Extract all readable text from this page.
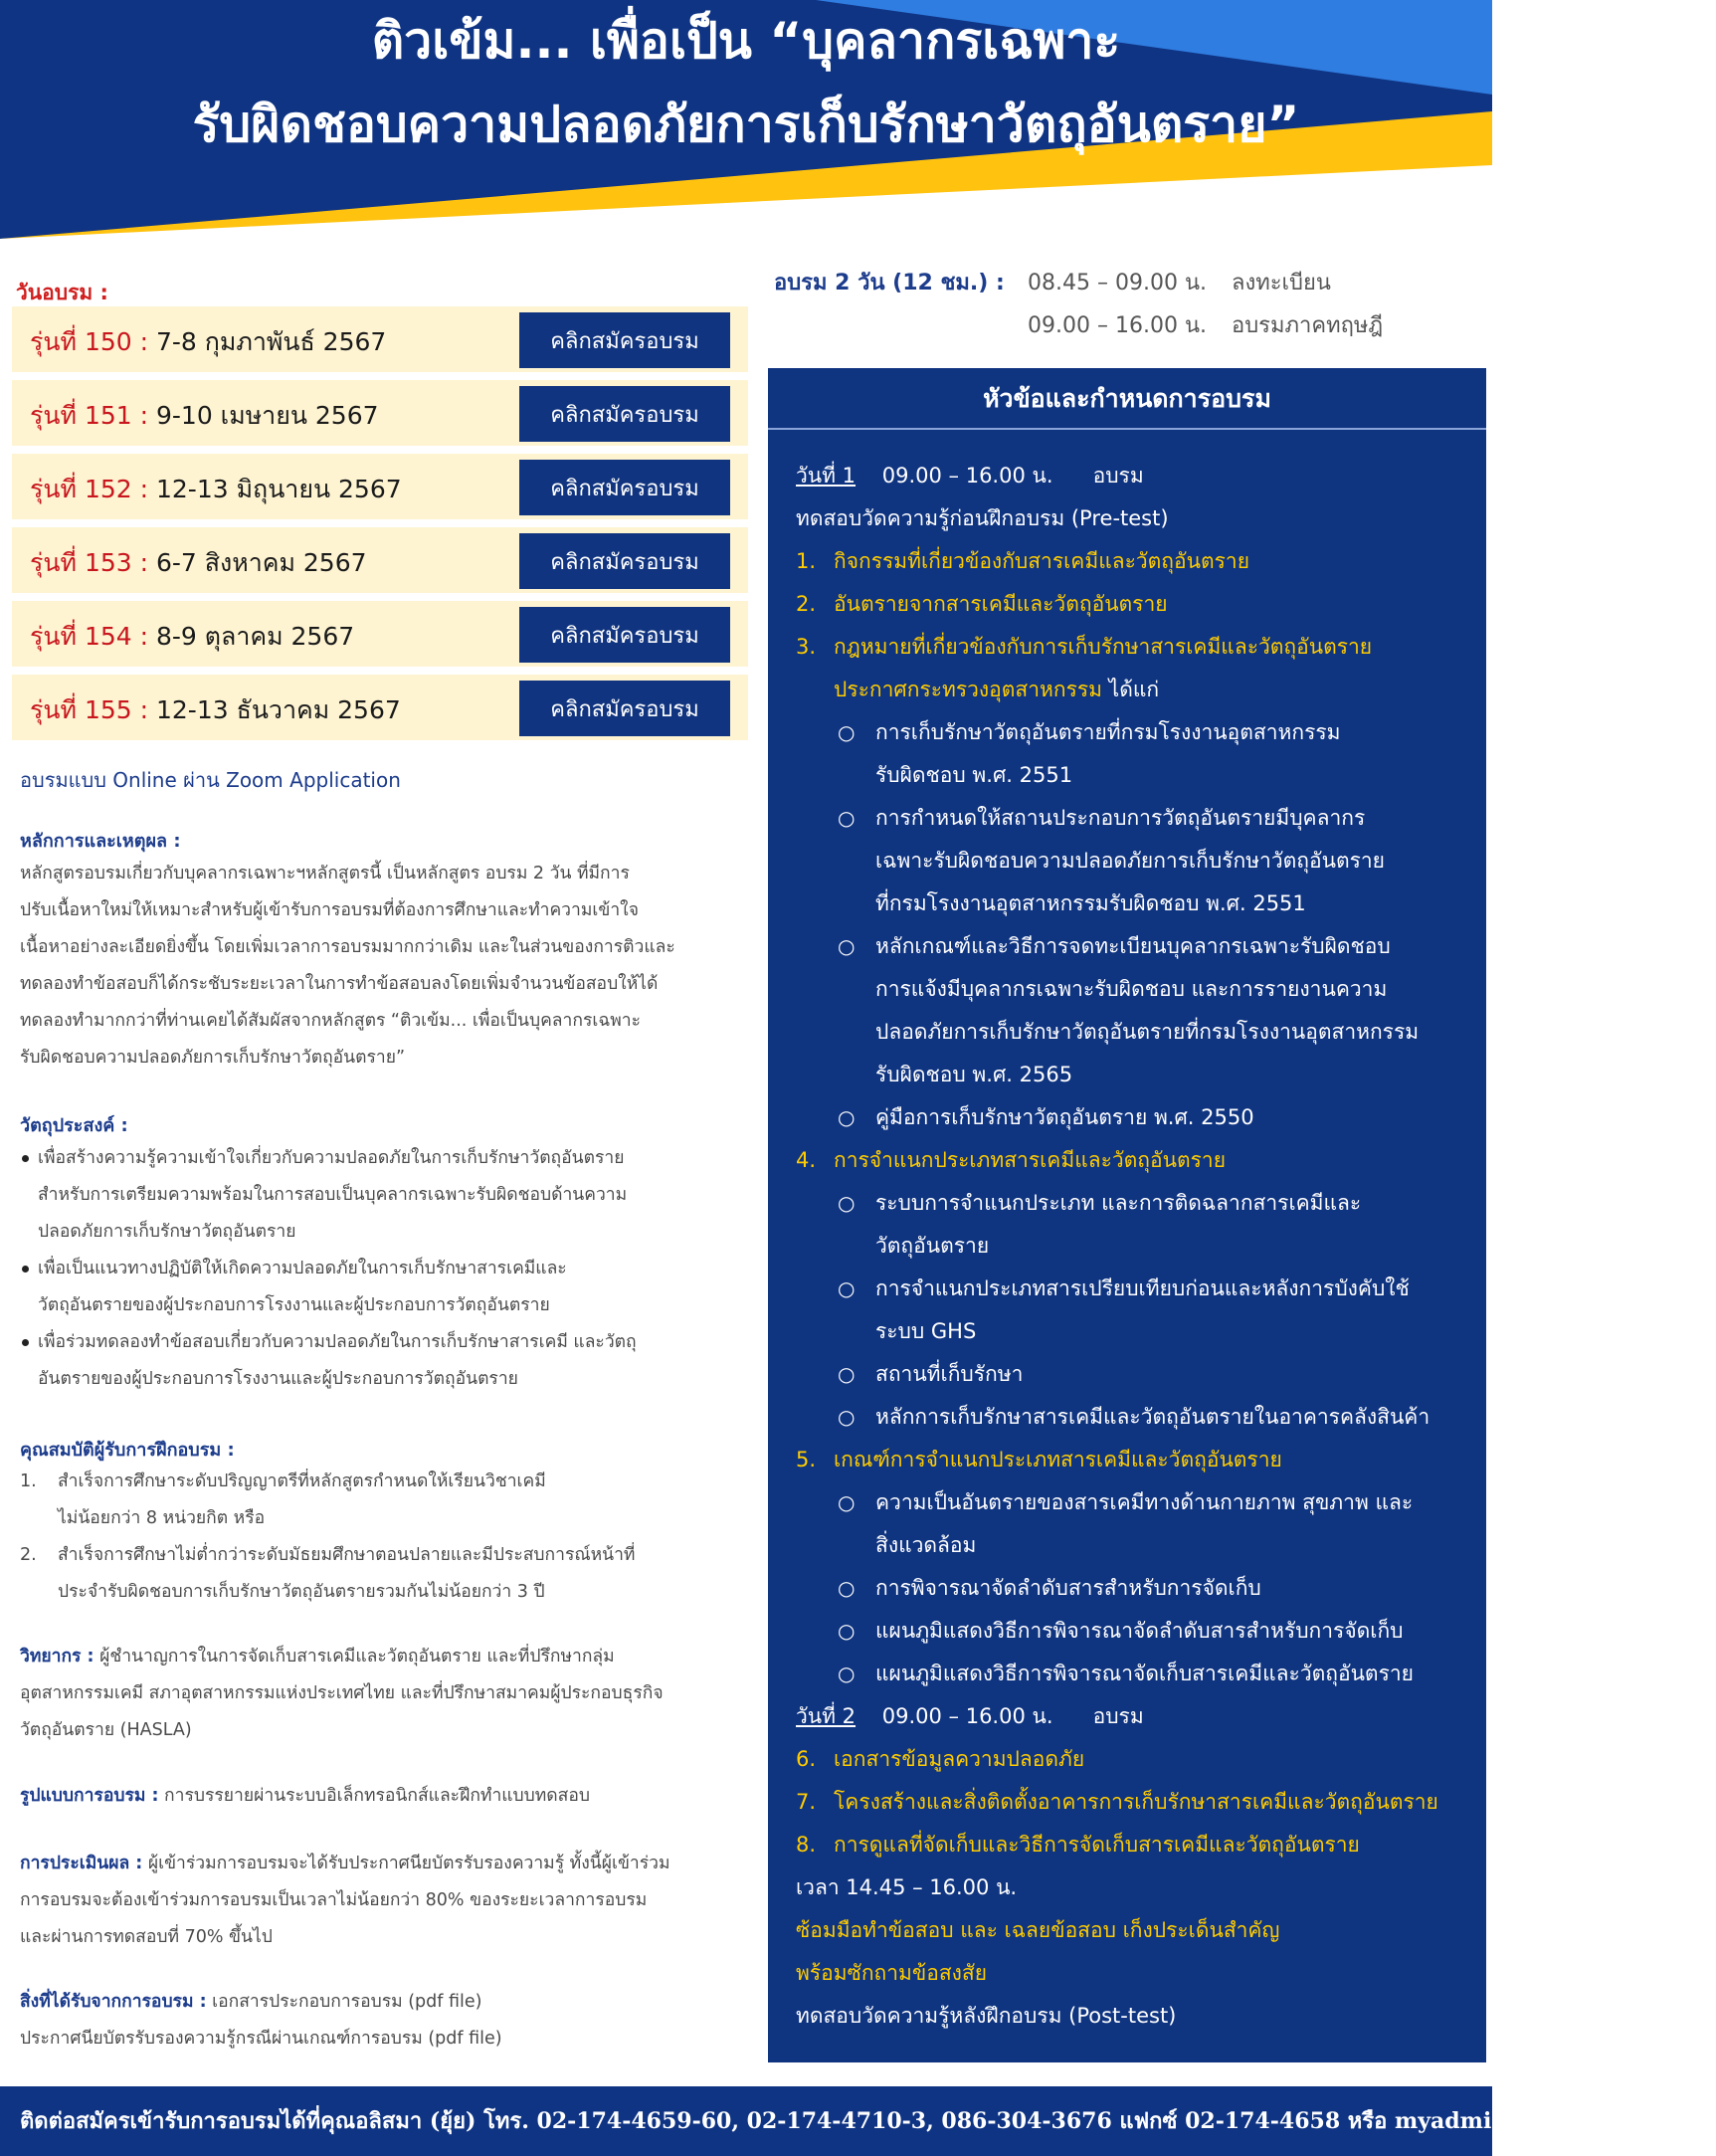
ติวเข้ม... เพื่อเป็น “บุคลากรเฉพาะ
รับผิดชอบความปลอดภัยการเก็บรักษาวัตถุอันตราย”
วันอบรม :
รุ่นที่ 150 : 7-8 กุมภาพันธ์ 2567	คลิกสมัครอบรม
รุ่นที่ 151 : 9-10 เมษายน 2567	คลิกสมัครอบรม
รุ่นที่ 152 : 12-13 มิถุนายน 2567	คลิกสมัครอบรม
รุ่นที่ 153 : 6-7 สิงหาคม 2567	คลิกสมัครอบรม
รุ่นที่ 154 : 8-9 ตุลาคม 2567	คลิกสมัครอบรม
รุ่นที่ 155 : 12-13 ธันวาคม 2567	คลิกสมัครอบรม
อบรมแบบ Online ผ่าน Zoom Application
หลักการและเหตุผล :
หลักสูตรอบรมเกี่ยวกับบุคลากรเฉพาะฯหลักสูตรนี้ เป็นหลักสูตร อบรม 2 วัน ที่มีการ
ปรับเนื้อหาใหม่ให้เหมาะสำหรับผู้เข้ารับการอบรมที่ต้องการศึกษาและทำความเข้าใจ
เนื้อหาอย่างละเอียดยิ่งขึ้น โดยเพิ่มเวลาการอบรมมากกว่าเดิม และในส่วนของการติวและ
ทดลองทำข้อสอบก็ได้กระชับระยะเวลาในการทำข้อสอบลงโดยเพิ่มจำนวนข้อสอบให้ได้
ทดลองทำมากกว่าที่ท่านเคยได้สัมผัสจากหลักสูตร “ติวเข้ม... เพื่อเป็นบุคลากรเฉพาะ
รับผิดชอบความปลอดภัยการเก็บรักษาวัตถุอันตราย”
วัตถุประสงค์ :
เพื่อสร้างความรู้ความเข้าใจเกี่ยวกับความปลอดภัยในการเก็บรักษาวัตถุอันตราย
สำหรับการเตรียมความพร้อมในการสอบเป็นบุคลากรเฉพาะรับผิดชอบด้านความ
ปลอดภัยการเก็บรักษาวัตถุอันตราย
เพื่อเป็นแนวทางปฏิบัติให้เกิดความปลอดภัยในการเก็บรักษาสารเคมีและ
วัตถุอันตรายของผู้ประกอบการโรงงานและผู้ประกอบการวัตถุอันตราย
เพื่อร่วมทดลองทำข้อสอบเกี่ยวกับความปลอดภัยในการเก็บรักษาสารเคมี และวัตถุ
อันตรายของผู้ประกอบการโรงงานและผู้ประกอบการวัตถุอันตราย
คุณสมบัติผู้รับการฝึกอบรม :
1. สำเร็จการศึกษาระดับปริญญาตรีที่หลักสูตรกำหนดให้เรียนวิชาเคมี
ไม่น้อยกว่า 8 หน่วยกิต หรือ
2. สำเร็จการศึกษาไม่ต่ำกว่าระดับมัธยมศึกษาตอนปลายและมีประสบการณ์หน้าที่
ประจำรับผิดชอบการเก็บรักษาวัตถุอันตรายรวมกันไม่น้อยกว่า 3 ปี
วิทยากร : ผู้ชำนาญการในการจัดเก็บสารเคมีและวัตถุอันตราย และที่ปรึกษากลุ่ม
อุตสาหกรรมเคมี สภาอุตสาหกรรมแห่งประเทศไทย และที่ปรึกษาสมาคมผู้ประกอบธุรกิจ
วัตถุอันตราย (HASLA)
รูปแบบการอบรม : การบรรยายผ่านระบบอิเล็กทรอนิกส์และฝึกทำแบบทดสอบ
การประเมินผล : ผู้เข้าร่วมการอบรมจะได้รับประกาศนียบัตรรับรองความรู้ ทั้งนี้ผู้เข้าร่วม
การอบรมจะต้องเข้าร่วมการอบรมเป็นเวลาไม่น้อยกว่า 80% ของระยะเวลาการอบรม
และผ่านการทดสอบที่ 70% ขึ้นไป
สิ่งที่ได้รับจากการอบรม : เอกสารประกอบการอบรม (pdf file)
ประกาศนียบัตรรับรองความรู้กรณีผ่านเกณฑ์การอบรม (pdf file)
อบรม 2 วัน (12 ชม.) : 08.45 – 09.00 น. ลงทะเบียน
09.00 – 16.00 น. อบรมภาคทฤษฎี
หัวข้อและกำหนดการอบรม
วันที่ 1 09.00 – 16.00 น. อบรม
ทดสอบวัดความรู้ก่อนฝึกอบรม (Pre-test)
1. กิจกรรมที่เกี่ยวข้องกับสารเคมีและวัตถุอันตราย
2. อันตรายจากสารเคมีและวัตถุอันตราย
3. กฎหมายที่เกี่ยวข้องกับการเก็บรักษาสารเคมีและวัตถุอันตราย
ประกาศกระทรวงอุตสาหกรรม ได้แก่
○ การเก็บรักษาวัตถุอันตรายที่กรมโรงงานอุตสาหกรรม
รับผิดชอบ พ.ศ. 2551
○ การกำหนดให้สถานประกอบการวัตถุอันตรายมีบุคลากร
เฉพาะรับผิดชอบความปลอดภัยการเก็บรักษาวัตถุอันตราย
ที่กรมโรงงานอุตสาหกรรมรับผิดชอบ พ.ศ. 2551
○ หลักเกณฑ์และวิธีการจดทะเบียนบุคลากรเฉพาะรับผิดชอบ
การแจ้งมีบุคลากรเฉพาะรับผิดชอบ และการรายงานความ
ปลอดภัยการเก็บรักษาวัตถุอันตรายที่กรมโรงงานอุตสาหกรรม
รับผิดชอบ พ.ศ. 2565
○ คู่มือการเก็บรักษาวัตถุอันตราย พ.ศ. 2550
4. การจำแนกประเภทสารเคมีและวัตถุอันตราย
○ ระบบการจำแนกประเภท และการติดฉลากสารเคมีและ
วัตถุอันตราย
○ การจำแนกประเภทสารเปรียบเทียบก่อนและหลังการบังคับใช้
ระบบ GHS
○ สถานที่เก็บรักษา
○ หลักการเก็บรักษาสารเคมีและวัตถุอันตรายในอาคารคลังสินค้า
5. เกณฑ์การจำแนกประเภทสารเคมีและวัตถุอันตราย
○ ความเป็นอันตรายของสารเคมีทางด้านกายภาพ สุขภาพ และ
สิ่งแวดล้อม
○ การพิจารณาจัดลำดับสารสำหรับการจัดเก็บ
○ แผนภูมิแสดงวิธีการพิจารณาจัดลำดับสารสำหรับการจัดเก็บ
○ แผนภูมิแสดงวิธีการพิจารณาจัดเก็บสารเคมีและวัตถุอันตราย
วันที่ 2 09.00 – 16.00 น. อบรม
6. เอกสารข้อมูลความปลอดภัย
7. โครงสร้างและสิ่งติดตั้งอาคารการเก็บรักษาสารเคมีและวัตถุอันตราย
8. การดูแลที่จัดเก็บและวิธีการจัดเก็บสารเคมีและวัตถุอันตราย
เวลา 14.45 – 16.00 น.
ซ้อมมือทำข้อสอบ และ เฉลยข้อสอบ เก็งประเด็นสำคัญ
พร้อมซักถามข้อสงสัย
ทดสอบวัดความรู้หลังฝึกอบรม (Post-test)
ติดต่อสมัครเข้ารับการอบรมได้ที่คุณอลิสมา (ยุ้ย) โทร. 02-174-4659-60, 02-174-4710-3, 086-304-3676 แฟกซ์ 02-174-4658 หรือ myadmin@siamsafety.com
